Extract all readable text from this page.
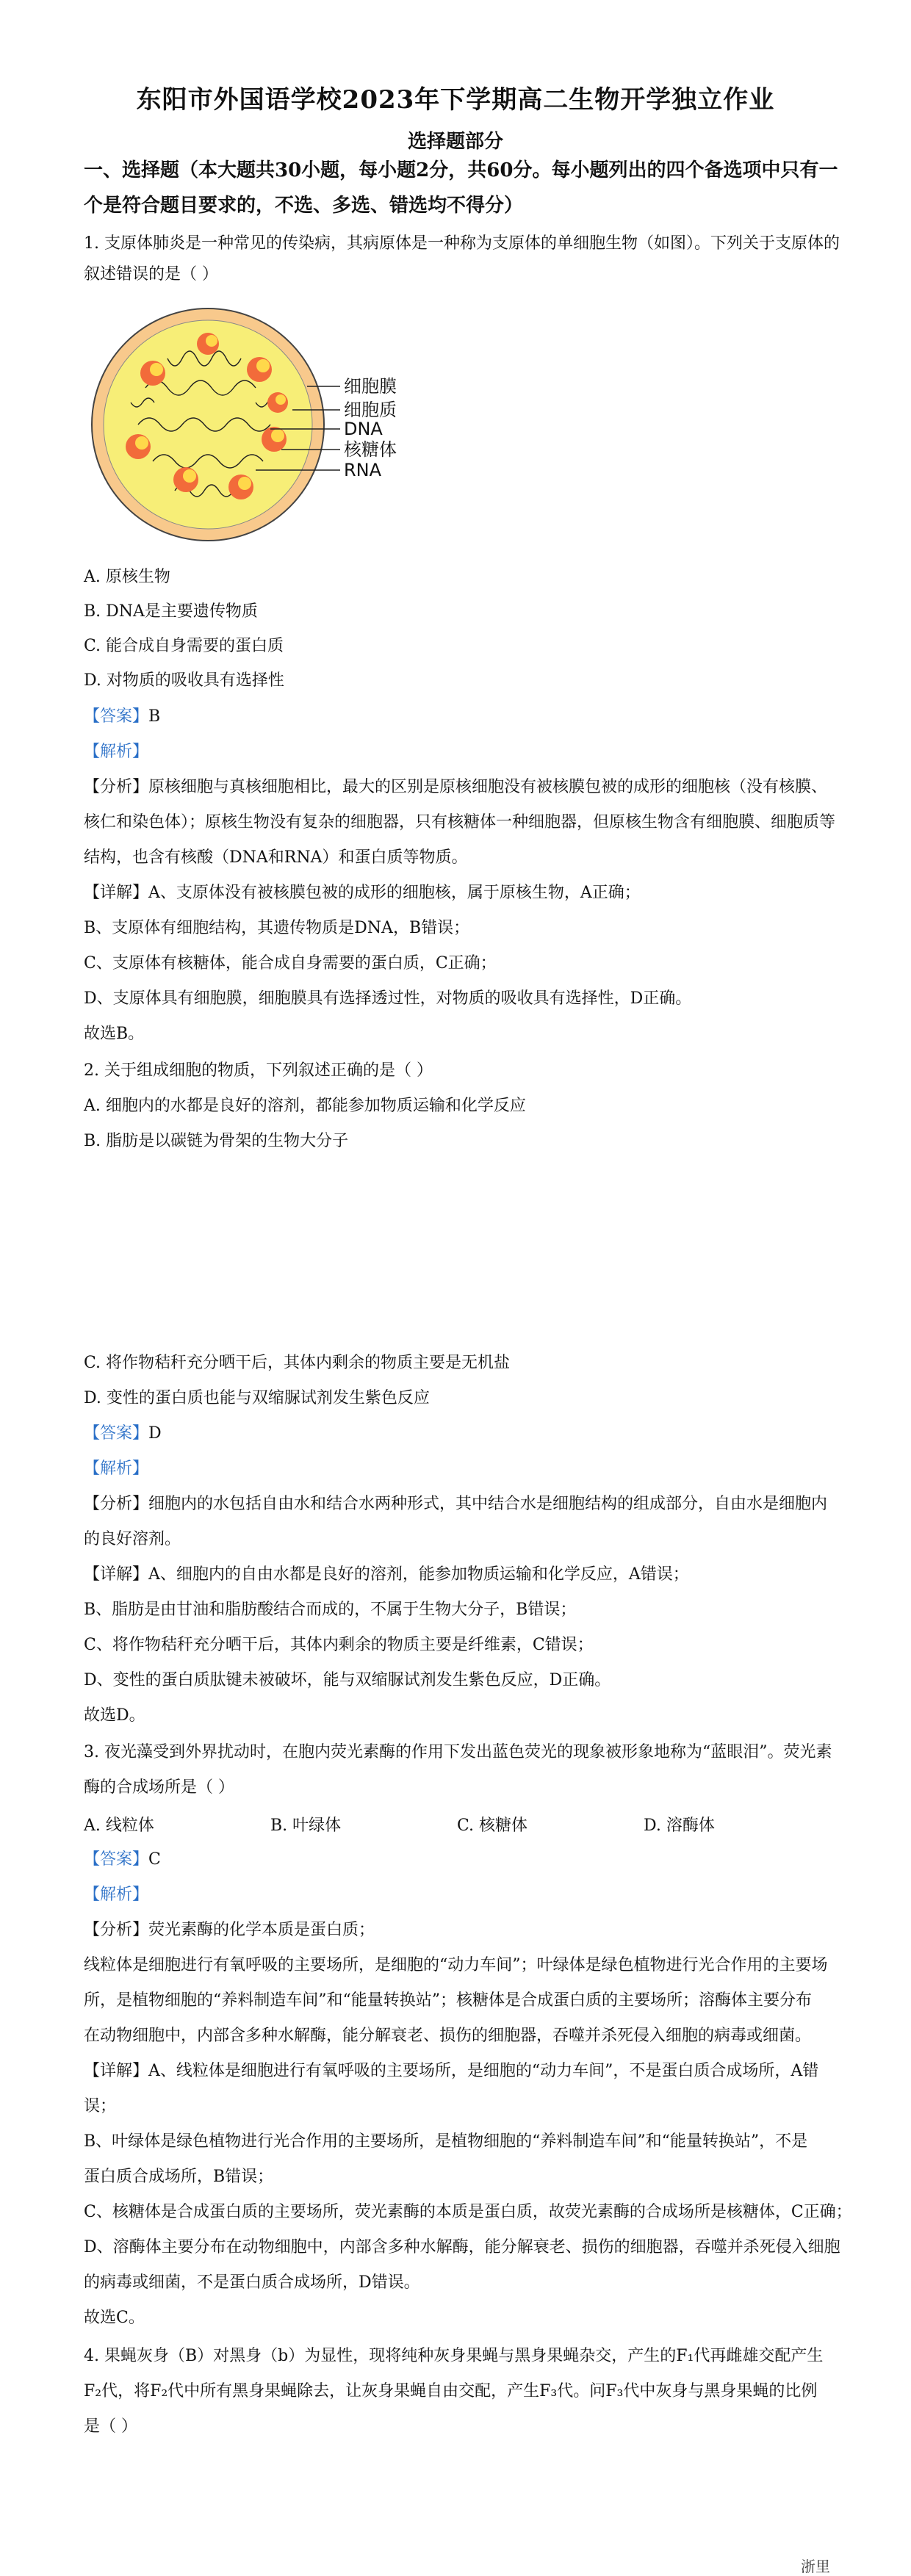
东阳市外国语学校2023年下学期高二生物开学独立作业
选择题部分
一、选择题（本大题共30小题，每小题2分，共60分。每小题列出的四个备选项中只有一
个是符合题目要求的，不选、多选、错选均不得分）
1. 支原体肺炎是一种常见的传染病，其病原体是一种称为支原体的单细胞生物（如图）。下列关于支原体的
叙述错误的是（ ）
细胞膜
细胞质
DNA
核糖体
RNA
A. 原核生物
B. DNA是主要遗传物质
C. 能合成自身需要的蛋白质
D. 对物质的吸收具有选择性
【答案】B
【解析】
【分析】原核细胞与真核细胞相比，最大的区别是原核细胞没有被核膜包被的成形的细胞核（没有核膜、
核仁和染色体）；原核生物没有复杂的细胞器，只有核糖体一种细胞器，但原核生物含有细胞膜、细胞质等
结构，也含有核酸（DNA和RNA）和蛋白质等物质。
【详解】A、支原体没有被核膜包被的成形的细胞核，属于原核生物，A正确；
B、支原体有细胞结构，其遗传物质是DNA，B错误；
C、支原体有核糖体，能合成自身需要的蛋白质，C正确；
D、支原体具有细胞膜，细胞膜具有选择透过性，对物质的吸收具有选择性，D正确。
故选B。
2. 关于组成细胞的物质，下列叙述正确的是（ ）
A. 细胞内的水都是良好的溶剂，都能参加物质运输和化学反应
B. 脂肪是以碳链为骨架的生物大分子
C. 将作物秸秆充分晒干后，其体内剩余的物质主要是无机盐
D. 变性的蛋白质也能与双缩脲试剂发生紫色反应
【答案】D
【解析】
【分析】细胞内的水包括自由水和结合水两种形式，其中结合水是细胞结构的组成部分，自由水是细胞内
的良好溶剂。
【详解】A、细胞内的自由水都是良好的溶剂，能参加物质运输和化学反应，A错误；
B、脂肪是由甘油和脂肪酸结合而成的，不属于生物大分子，B错误；
C、将作物秸秆充分晒干后，其体内剩余的物质主要是纤维素，C错误；
D、变性的蛋白质肽键未被破坏，能与双缩脲试剂发生紫色反应，D正确。
故选D。
3. 夜光藻受到外界扰动时，在胞内荧光素酶的作用下发出蓝色荧光的现象被形象地称为“蓝眼泪”。荧光素
酶的合成场所是（ ）
A. 线粒体	B. 叶绿体	C. 核糖体	D. 溶酶体
【答案】C
【解析】
【分析】荧光素酶的化学本质是蛋白质；
线粒体是细胞进行有氧呼吸的主要场所，是细胞的“动力车间”；叶绿体是绿色植物进行光合作用的主要场
所，是植物细胞的“养料制造车间”和“能量转换站”；核糖体是合成蛋白质的主要场所；溶酶体主要分布
在动物细胞中，内部含多种水解酶，能分解衰老、损伤的细胞器，吞噬并杀死侵入细胞的病毒或细菌。
【详解】A、线粒体是细胞进行有氧呼吸的主要场所，是细胞的“动力车间”，不是蛋白质合成场所，A错
误；
B、叶绿体是绿色植物进行光合作用的主要场所，是植物细胞的“养料制造车间”和“能量转换站”，不是
蛋白质合成场所，B错误；
C、核糖体是合成蛋白质的主要场所，荧光素酶的本质是蛋白质，故荧光素酶的合成场所是核糖体，C正确；
D、溶酶体主要分布在动物细胞中，内部含多种水解酶，能分解衰老、损伤的细胞器，吞噬并杀死侵入细胞
的病毒或细菌，不是蛋白质合成场所，D错误。
故选C。
4. 果蝇灰身（B）对黑身（b）为显性，现将纯种灰身果蝇与黑身果蝇杂交，产生的F₁代再雌雄交配产生
F₂代，将F₂代中所有黑身果蝇除去，让灰身果蝇自由交配，产生F₃代。问F₃代中灰身与黑身果蝇的比例
是（ ）
浙里
